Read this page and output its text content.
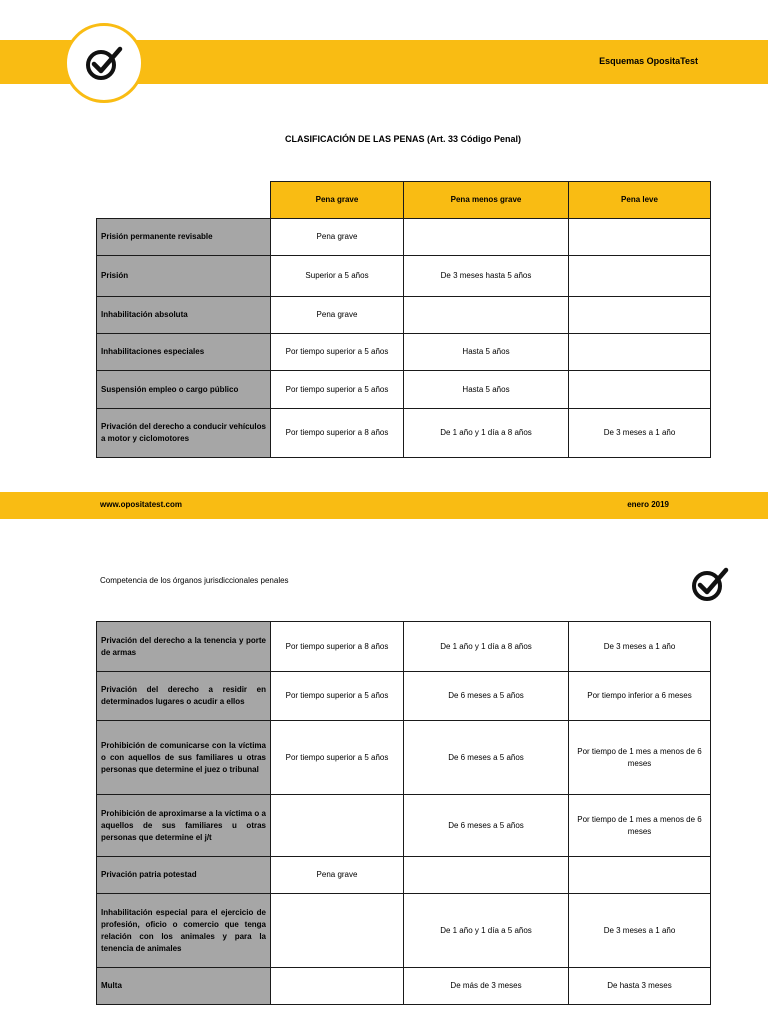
Esquemas OpositaTest
CLASIFICACIÓN DE LAS PENAS (Art. 33 Código Penal)
	Pena grave	Pena menos grave	Pena leve
Prisión permanente revisable	Pena grave		
Prisión	Superior a 5 años	De 3 meses hasta 5 años	
Inhabilitación absoluta	Pena grave		
Inhabilitaciones especiales	Por tiempo superior a 5 años	Hasta 5 años	
Suspensión empleo o cargo público	Por tiempo superior a 5 años	Hasta 5 años	
Privación del derecho a conducir vehículos a motor y ciclomotores	Por tiempo superior a 8 años	De 1 año y 1 día a 8 años	De 3 meses a 1 año
www.opositatest.com	enero 2019
Competencia de los órganos jurisdiccionales penales
Privación del derecho a la tenencia y porte de armas	Por tiempo superior a 8 años	De 1 año y 1 día a 8 años	De 3 meses a 1 año
Privación del derecho a residir en determinados lugares o acudir a ellos	Por tiempo superior a 5 años	De 6 meses a 5 años	Por tiempo inferior a 6 meses
Prohibición de comunicarse con la víctima o con aquellos de sus familiares u otras personas que determine el juez o tribunal	Por tiempo superior a 5 años	De 6 meses a 5 años	Por tiempo de 1 mes a menos de 6 meses
Prohibición de aproximarse a la víctima o a aquellos de sus familiares u otras personas que determine el j/t		De 6 meses a 5 años	Por tiempo de 1 mes a menos de 6 meses
Privación patria potestad	Pena grave		
Inhabilitación especial para el ejercicio de profesión, oficio o comercio que tenga relación con los animales y para la tenencia de animales		De 1 año y 1 día a 5 años	De 3 meses a 1 año
Multa		De más de 3 meses	De hasta 3 meses
